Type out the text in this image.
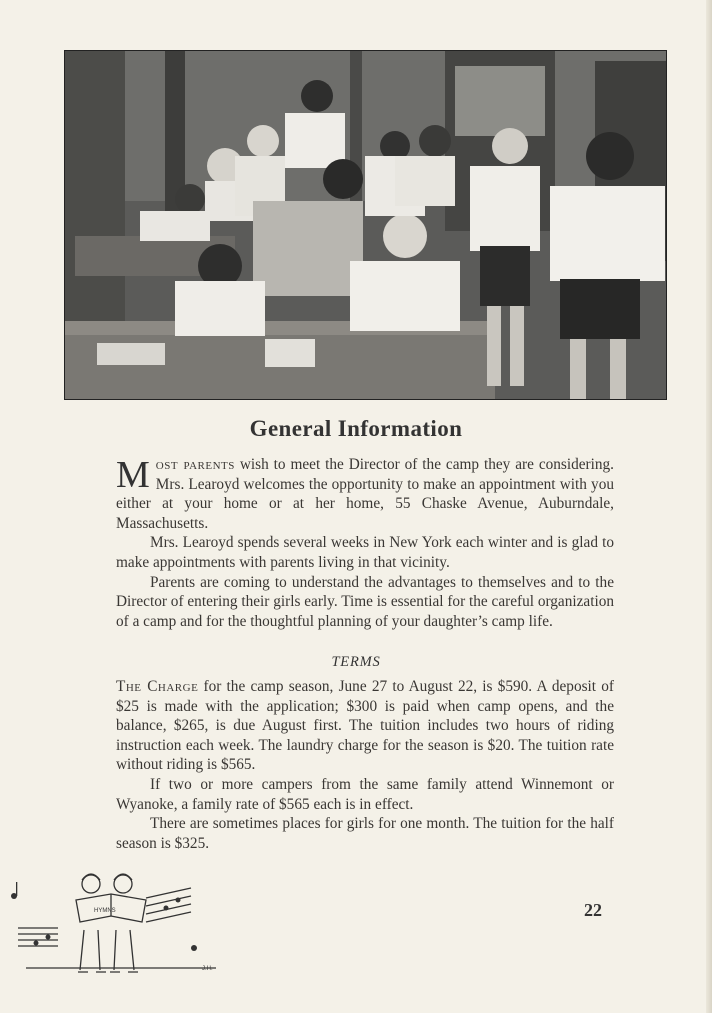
General Information

Most parents wish to meet the Director of the camp they are considering. Mrs. Learoyd welcomes the opportunity to make an appointment with you either at your home or at her home, 55 Chaske Avenue, Auburndale, Massachusetts.

Mrs. Learoyd spends several weeks in New York each winter and is glad to make appointments with parents living in that vicinity.

Parents are coming to understand the advantages to themselves and to the Director of entering their girls early. Time is essential for the careful organization of a camp and for the thoughtful planning of your daughter’s camp life.

TERMS

The Charge for the camp season, June 27 to August 22, is $590. A deposit of $25 is made with the application; $300 is paid when camp opens, and the balance, $265, is due August first. The tuition includes two hours of riding instruction each week. The laundry charge for the season is $20. The tuition rate without riding is $565.

If two or more campers from the same family attend Winnemont or Wyanoke, a family rate of $565 each is in effect.

There are sometimes places for girls for one month. The tuition for the half season is $325.

22
HYMNS
J.H.
